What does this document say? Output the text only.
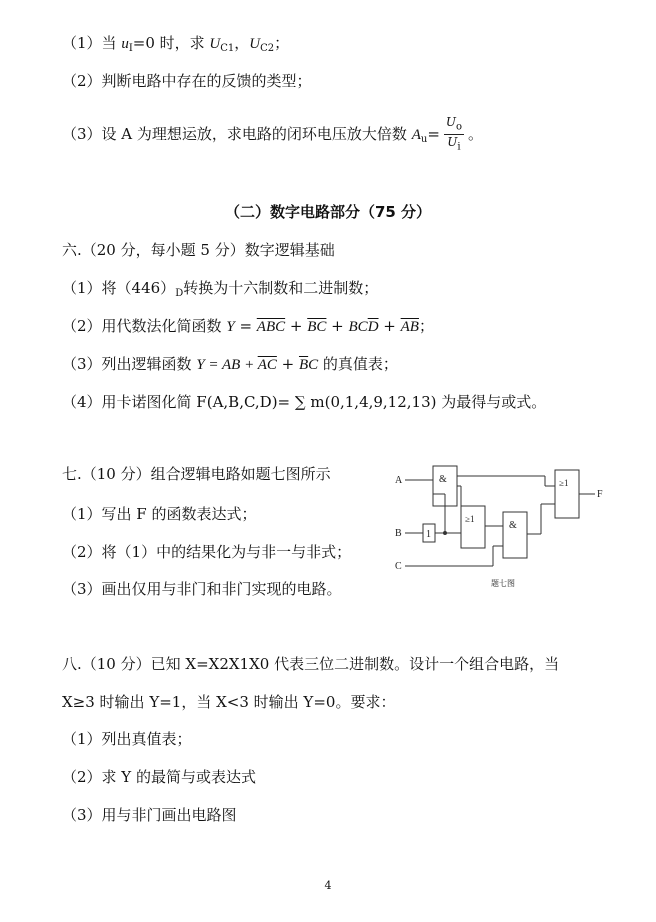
（1）当 $u_I=0$ 时，求 $U_{C1}$，$U_{C2}$；
（2）判断电路中存在的反馈的类型；
（3）设 A 为理想运放，求电路的闭环电压放大倍数 $A_u= \frac{U_o}{U_i}$ 。
（二）数字电路部分（75 分）
六.（20 分，每小题 5 分）数字逻辑基础
（1）将$(446)_D$转换为十六制数和二进制数；
（2）用代数法化简函数 $Y = \overline{ABC} + \overline{BC} + BC\overline{D} + \overline{AB}$；
（3）列出逻辑函数 Y = AB + $\overline{AC} + \overline{B}C$ 的真值表；
（4）用卡诺图化简 F(A,B,C,D)= ∑ m(0,1,4,9,12,13) 为最得与或式。
七.（10 分）组合逻辑电路如题七图所示
（1）写出 F 的函数表达式；
（2）将（1）中的结果化为与非一与非式；
（3）画出仅用与非门和非门实现的电路。
A
B
C
F
&
1
≥1
&
≥1
题七图
八.（10 分）已知 X=X2X1X0 代表三位二进制数。设计一个组合电路，当
X≥3 时输出 Y=1，当 X<3 时输出 Y=0。要求：
（1）列出真值表；
（2）求 Y 的最简与或表达式
（3）用与非门画出电路图
4
